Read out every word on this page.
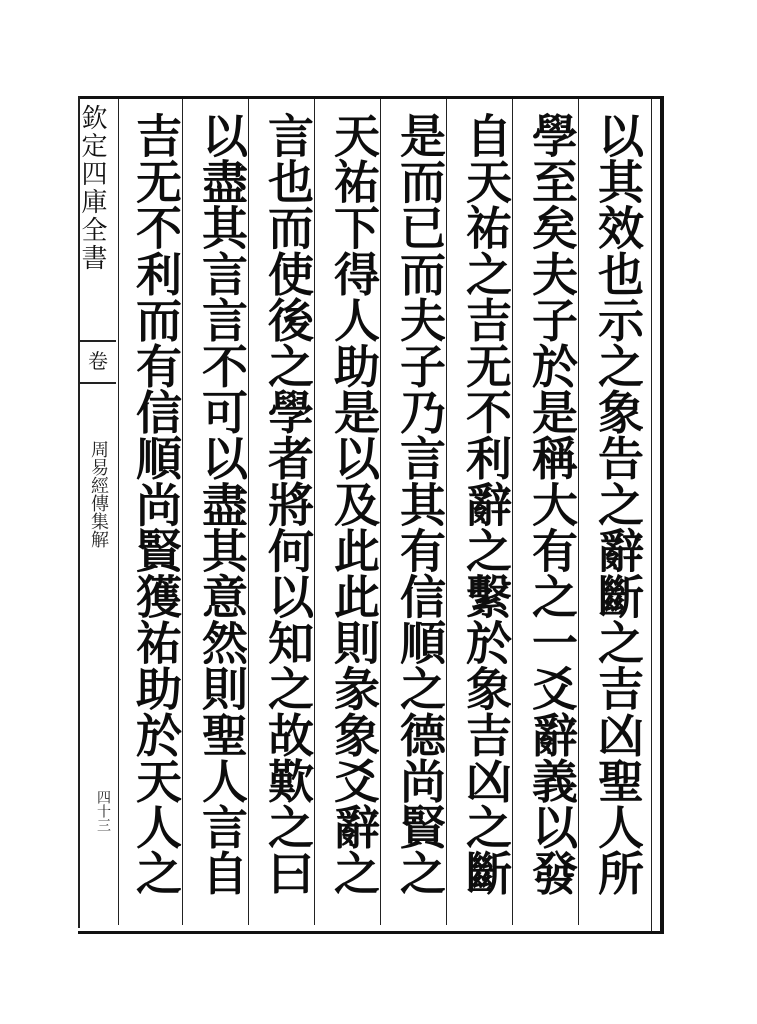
欽定四庫全書
卷
周易經傳集解
四十三
以其效也示之象告之辭斷之吉凶聖人所
學至矣夫子於是稱大有之一爻辭義以發
自天祐之吉无不利辭之繫於象吉凶之斷
是而已而夫子乃言其有信順之德尚賢之
天祐下得人助是以及此此則彖象爻辭之
言也而使後之學者將何以知之故歎之曰
以盡其言言不可以盡其意然則聖人言自
吉无不利而有信順尚賢獲祐助於天人之
